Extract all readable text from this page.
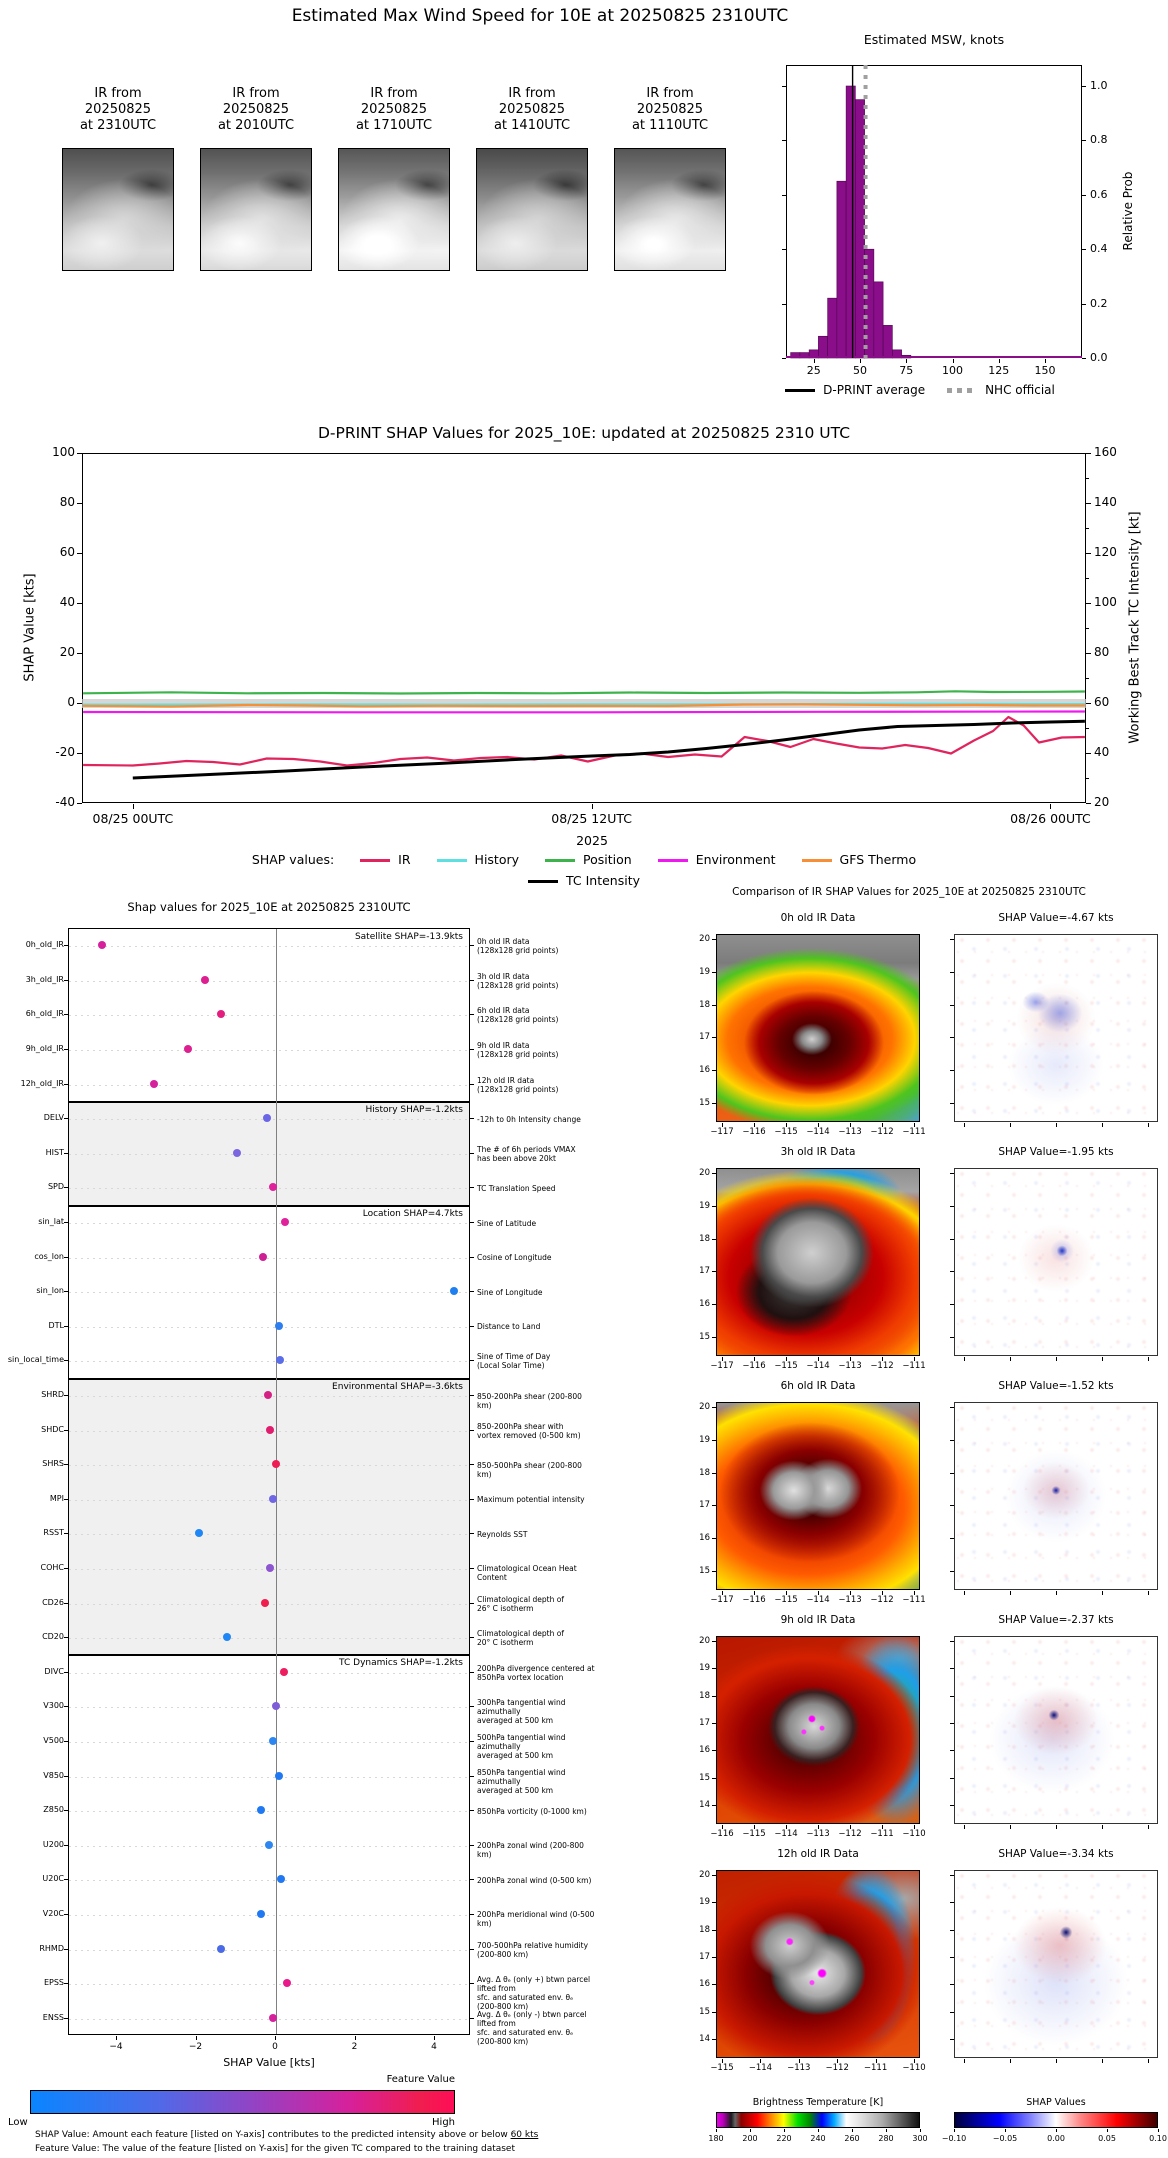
Estimated Max Wind Speed for 10E at 20250825 2310UTC
Estimated MSW, knots
Relative Prob
D-PRINT average	NHC official
D-PRINT SHAP Values for 2025_10E: updated at 20250825 2310 UTC
SHAP Value [kts]	Working Best Track TC Intensity [kt]
2025
SHAP values:	IR	History	Position	Environment	GFS Thermo
TC Intensity
Shap values for 2025_10E at 20250825 2310UTC
Satellite SHAP=-13.9kts
History SHAP=-1.2kts
Location SHAP=4.7kts
Environmental SHAP=-3.6kts
TC Dynamics SHAP=-1.2kts
SHAP Value [kts]
Feature Value
Low	High
SHAP Value: Amount each feature [listed on Y-axis] contributes to the predicted intensity above or below 60 kts
Feature Value: The value of the feature [listed on Y-axis] for the given TC compared to the training dataset
Comparison of IR SHAP Values for 2025_10E at 20250825 2310UTC
Brightness Temperature [K]	SHAP Values
IR from
20250825
at 2310UTC
IR from
20250825
at 2010UTC
IR from
20250825
at 1710UTC
IR from
20250825
at 1410UTC
IR from
20250825
at 1110UTC
25	50	75	100	125	150
0.0
0.2
0.4
0.6
0.8
1.0
100
80
60
40
20
0
-20
-40
160
140
120
100
80
60
40
20
08/25 00UTC	08/25 12UTC	08/26 00UTC
0h_old_IR	0h old IR data
(128x128 grid points)
3h_old_IR	3h old IR data
(128x128 grid points)
6h_old_IR	6h old IR data
(128x128 grid points)
9h_old_IR	9h old IR data
(128x128 grid points)
12h_old_IR	12h old IR data
(128x128 grid points)
DELV	-12h to 0h Intensity change
HIST	The # of 6h periods VMAX
has been above 20kt
SPD	TC Translation Speed
sin_lat	Sine of Latitude
cos_lon	Cosine of Longitude
sin_lon	Sine of Longitude
DTL	Distance to Land
sin_local_time	Sine of Time of Day
(Local Solar Time)
SHRD	850-200hPa shear (200-800 km)
SHDC	850-200hPa shear with
vortex removed (0-500 km)
SHRS	850-500hPa shear (200-800 km)
MPI	Maximum potential intensity
RSST	Reynolds SST
COHC	Climatological Ocean Heat Content
CD26	Climatological depth of
26° C isotherm
CD20	Climatological depth of
20° C isotherm
DIVC	200hPa divergence centered at
850hPa vortex location
V300	300hPa tangential wind azimuthally
averaged at 500 km
V500	500hPa tangential wind azimuthally
averaged at 500 km
V850	850hPa tangential wind azimuthally
averaged at 500 km
Z850	850hPa vorticity (0-1000 km)
U200	200hPa zonal wind (200-800 km)
U20C	200hPa zonal wind (0-500 km)
V20C	200hPa meridional wind (0-500 km)
RHMD	700-500hPa relative humidity
(200-800 km)
EPSS	Avg. Δ θₑ (only +) btwn parcel lifted from
sfc. and saturated env. θₑ (200-800 km)
ENSS	Avg. Δ θₑ (only -) btwn parcel lifted from
sfc. and saturated env. θₑ (200-800 km)
−4	−2	0	2	4
0h old IR Data	SHAP Value=-4.67 kts
20
19
18
17
16
15
−117	−116	−115	−114	−113	−112	−111
3h old IR Data	SHAP Value=-1.95 kts
20
19
18
17
16
15
−117	−116	−115	−114	−113	−112	−111
6h old IR Data	SHAP Value=-1.52 kts
20
19
18
17
16
15
−117	−116	−115	−114	−113	−112	−111
9h old IR Data	SHAP Value=-2.37 kts
20
19
18
17
16
15
14
−116	−115	−114	−113	−112	−111	−110
12h old IR Data	SHAP Value=-3.34 kts
20
19
18
17
16
15
14
−115	−114	−113	−112	−111	−110
180	200	220	240	260	280	300	−0.10	−0.05	0.00	0.05	0.10
